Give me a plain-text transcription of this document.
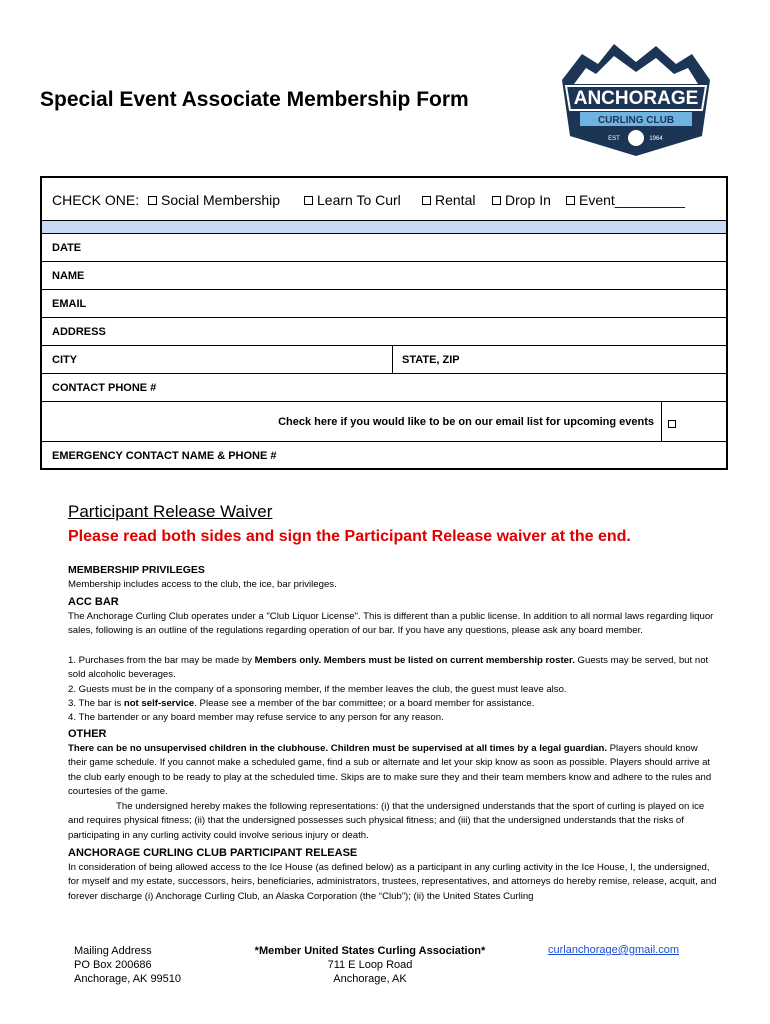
Special Event Associate Membership Form	ANCHORAGE
CURLING CLUB
EST	1964
CHECK ONE: Social Membership	Learn To Curl Rental Drop In Event_________
DATE
NAME
EMAIL
ADDRESS
CITY	STATE, ZIP
CONTACT PHONE #
Check here if you would like to be on our email list for upcoming events
EMERGENCY CONTACT NAME & PHONE #
Participant Release Waiver
Please read both sides and sign the Participant Release waiver at the end.
MEMBERSHIP PRIVILEGES
Membership includes access to the club, the ice, bar privileges.
ACC BAR
The Anchorage Curling Club operates under a "Club Liquor License". This is different than a public license. In addition to all normal laws regarding liquor sales, following is an outline of the regulations regarding operation of our bar. If you have any questions, please ask any board member.
1. Purchases from the bar may be made by Members only. Members must be listed on current membership roster. Guests may be served, but not sold alcoholic beverages.
2. Guests must be in the company of a sponsoring member, if the member leaves the club, the guest must leave also.
3. The bar is not self-service. Please see a member of the bar committee; or a board member for assistance.
4. The bartender or any board member may refuse service to any person for any reason.
OTHER
There can be no unsupervised children in the clubhouse. Children must be supervised at all times by a legal guardian. Players should know their game schedule. If you cannot make a scheduled game, find a sub or alternate and let your skip know as soon as possible. Players should arrive at the club early enough to be ready to play at the scheduled time. Skips are to make sure they and their team members know and adhere to the rules and courtesies of the game.
The undersigned hereby makes the following representations: (i) that the undersigned understands that the sport of curling is played on ice and requires physical fitness; (ii) that the undersigned possesses such physical fitness; and (iii) that the undersigned understands that the risks of participating in any curling activity could involve serious injury or death.
ANCHORAGE CURLING CLUB PARTICIPANT RELEASE
In consideration of being allowed access to the Ice House (as defined below) as a participant in any curling activity in the Ice House, I, the undersigned, for myself and my estate, successors, heirs, beneficiaries, administrators, trustees, representatives, and attorneys do hereby remise, release, acquit, and forever discharge (i) Anchorage Curling Club, an Alaska Corporation (the “Club”); (ii) the United States Curling
Mailing Address
PO Box 200686
Anchorage, AK 99510
*Member United States Curling Association*
711 E Loop Road
Anchorage, AK
curlanchorage@gmail.com
